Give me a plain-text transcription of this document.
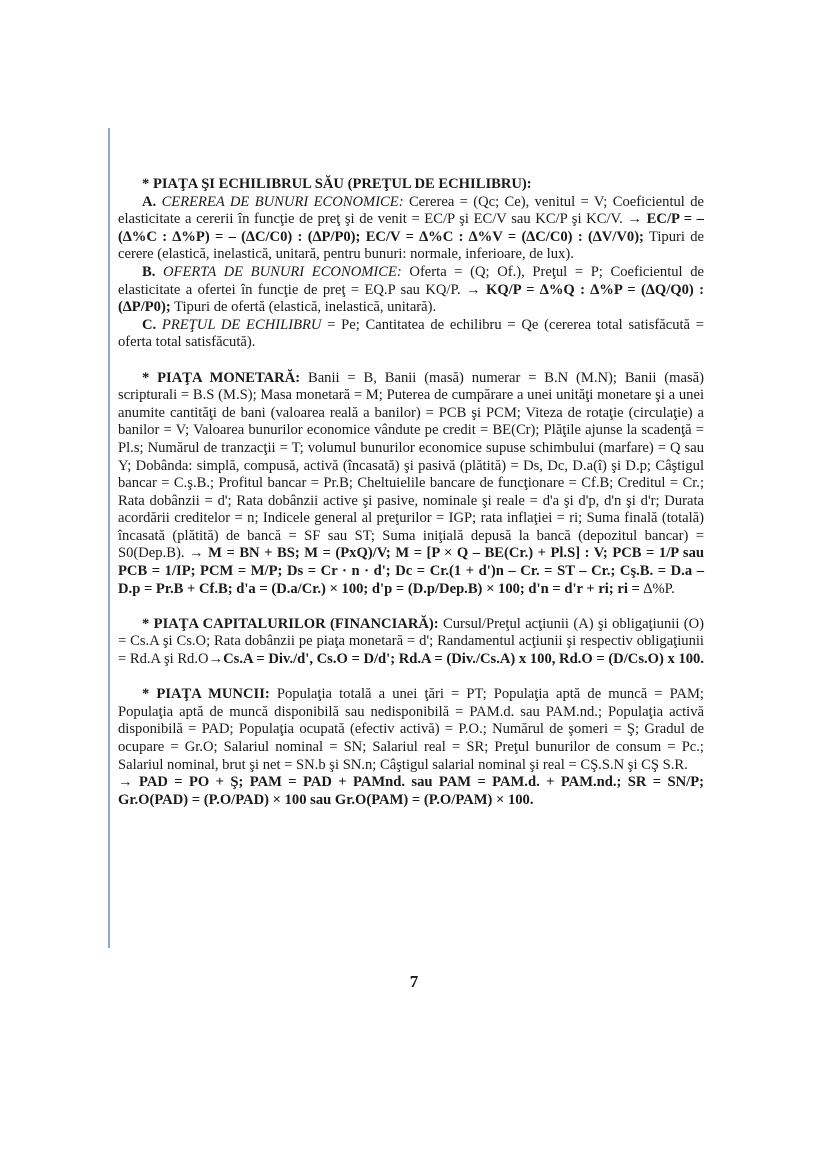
* PIAŢA ŞI ECHILIBRUL SĂU (PREŢUL DE ECHILIBRU):

A. CEREREA DE BUNURI ECONOMICE: Cererea = (Qc; Ce), venitul = V; Coeficientul de elasticitate a cererii în funcţie de preţ şi de venit = EC/P şi EC/V sau KC/P şi KC/V. → EC/P = – (∆%C : ∆%P) = – (∆C/C0) : (∆P/P0); EC/V = ∆%C : ∆%V = (∆C/C0) : (∆V/V0); Tipuri de cerere (elastică, inelastică, unitară, pentru bunuri: normale, inferioare, de lux).

B. OFERTA DE BUNURI ECONOMICE: Oferta = (Q; Of.), Preţul = P; Coeficientul de elasticitate a ofertei în funcţie de preţ = EQ.P sau KQ/P. → KQ/P = ∆%Q : ∆%P = (∆Q/Q0) : (∆P/P0); Tipuri de ofertă (elastică, inelastică, unitară).

C. PREŢUL DE ECHILIBRU = Pe; Cantitatea de echilibru = Qe (cererea total satisfăcută = oferta total satisfăcută).

* PIAŢA MONETARĂ: Banii = B, Banii (masă) numerar = B.N (M.N); Banii (masă) scripturali = B.S (M.S); Masa monetară = M; Puterea de cumpărare a unei unităţi monetare şi a unei anumite cantităţi de bani (valoarea reală a banilor) = PCB şi PCM; Viteza de rotaţie (circulaţie) a banilor = V; Valoarea bunurilor economice vândute pe credit = BE(Cr); Plăţile ajunse la scadenţă = Pl.s; Numărul de tranzacţii = T; volumul bunurilor economice supuse schimbului (marfare) = Q sau Y; Dobânda: simplă, compusă, activă (încasată) şi pasivă (plătită) = Ds, Dc, D.a(î) şi D.p; Câştigul bancar = C.ş.B.; Profitul bancar = Pr.B; Cheltuielile bancare de funcţionare = Cf.B; Creditul = Cr.; Rata dobânzii = d'; Rata dobânzii active şi pasive, nominale şi reale = d'a şi d'p, d'n şi d'r; Durata acordării creditelor = n; Indicele general al preţurilor = IGP; rata inflaţiei = ri; Suma finală (totală) încasată (plătită) de bancă = SF sau ST; Suma iniţială depusă la bancă (depozitul bancar) = S0(Dep.B). → M = BN + BS; M = (PxQ)/V; M = [P × Q – BE(Cr.) + Pl.S] : V; PCB = 1/P sau PCB = 1/IP; PCM = M/P; Ds = Cr · n · d'; Dc = Cr.(1 + d')n – Cr. = ST – Cr.; Cş.B. = D.a – D.p = Pr.B + Cf.B; d'a = (D.a/Cr.) × 100; d'p = (D.p/Dep.B) × 100; d'n = d'r + ri; ri = ∆%P.

* PIAŢA CAPITALURILOR (FINANCIARĂ): Cursul/Preţul acţiunii (A) şi obligaţiunii (O) = Cs.A şi Cs.O; Rata dobânzii pe piaţa monetară = d'; Randamentul acţiunii şi respectiv obligaţiunii = Rd.A şi Rd.O→Cs.A = Div./d', Cs.O = D/d'; Rd.A = (Div./Cs.A) x 100, Rd.O = (D/Cs.O) x 100.

* PIAŢA MUNCII: Populaţia totală a unei ţări = PT; Populaţia aptă de muncă = PAM; Populaţia aptă de muncă disponibilă sau nedisponibilă = PAM.d. sau PAM.nd.; Populaţia activă disponibilă = PAD; Populaţia ocupată (efectiv activă) = P.O.; Numărul de şomeri = Ş; Gradul de ocupare = Gr.O; Salariul nominal = SN; Salariul real = SR; Preţul bunurilor de consum = Pc.; Salariul nominal, brut şi net = SN.b şi SN.n; Câştigul salarial nominal şi real = CŞ.S.N şi CŞ S.R.

→ PAD = PO + Ş; PAM = PAD + PAMnd. sau PAM = PAM.d. + PAM.nd.; SR = SN/P; Gr.O(PAD) = (P.O/PAD) × 100 sau Gr.O(PAM) = (P.O/PAM) × 100.

7
